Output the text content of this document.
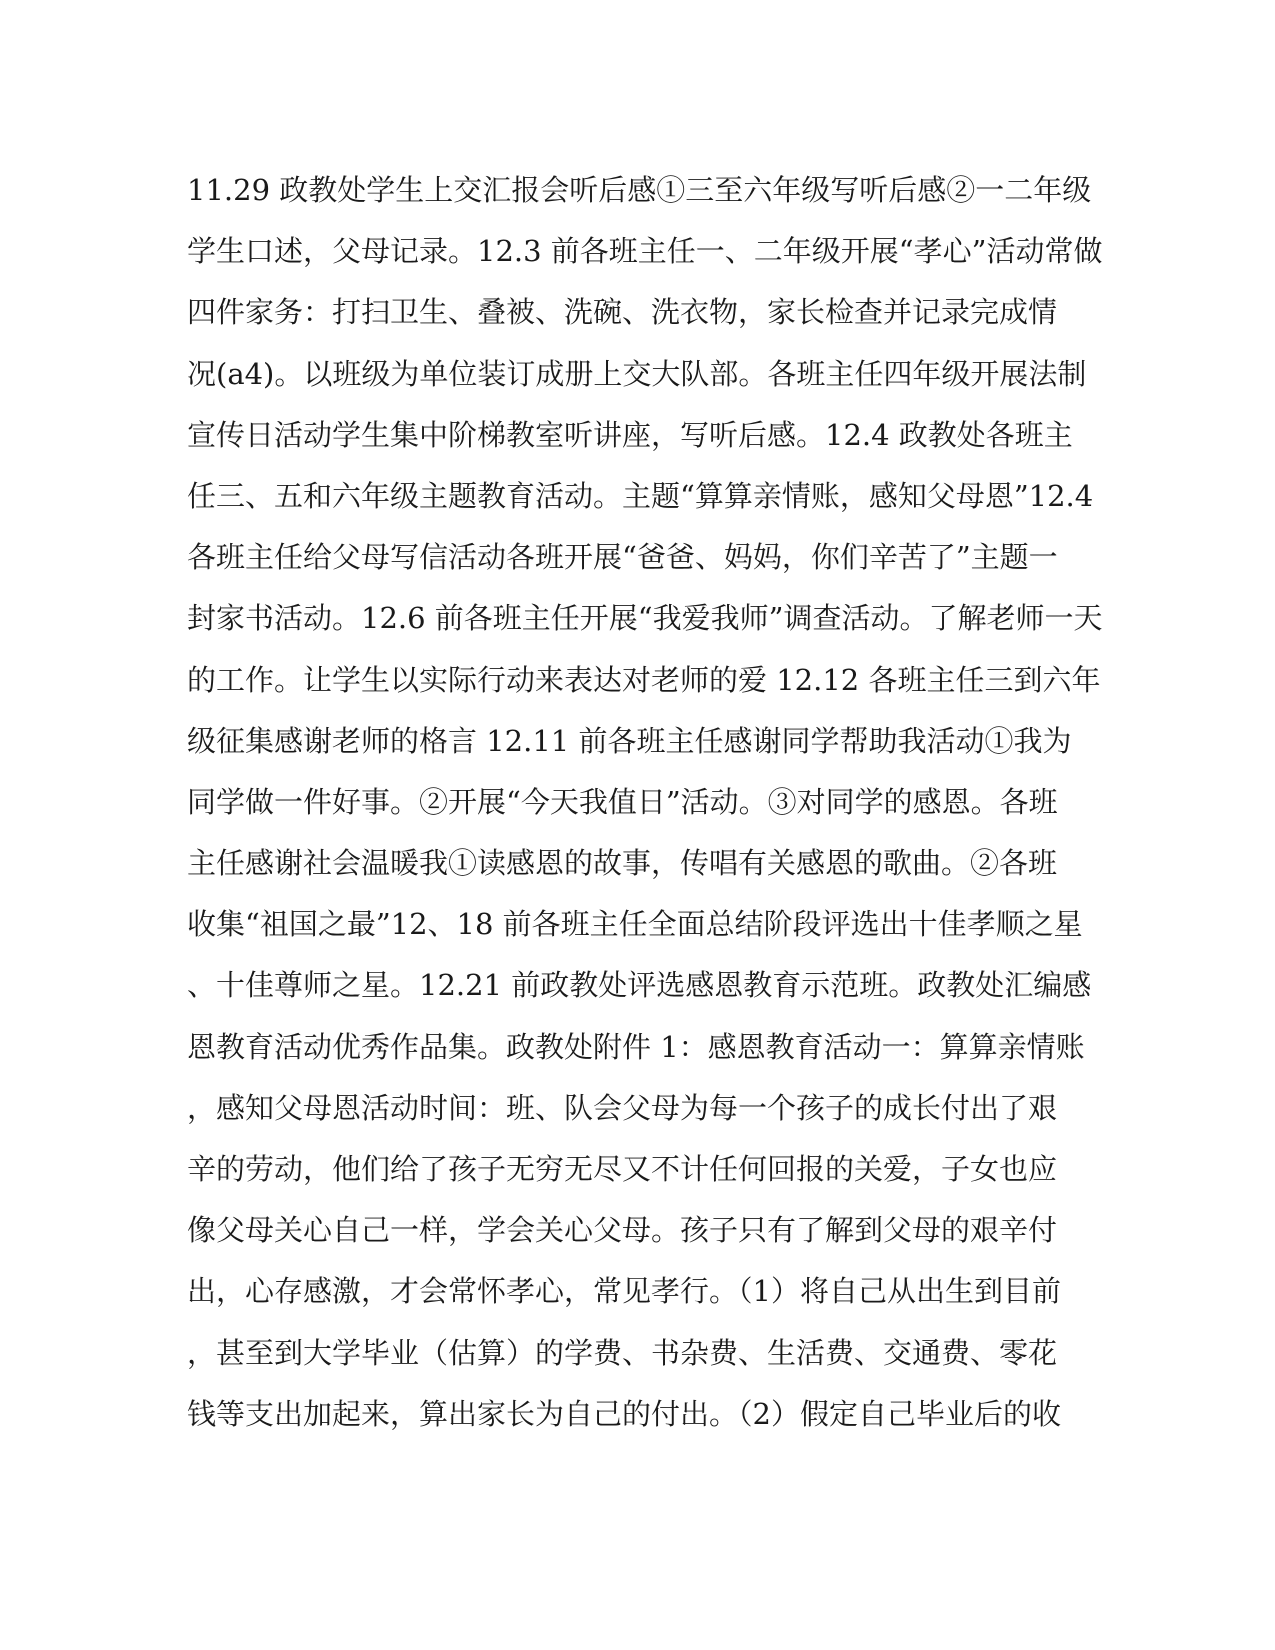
11.29 政教处学生上交汇报会听后感①三至六年级写听后感②一二年级
学生口述，父母记录。12.3 前各班主任一、二年级开展“孝心”活动常做
四件家务：打扫卫生、叠被、洗碗、洗衣物，家长检查并记录完成情
况(a4)。以班级为单位装订成册上交大队部。各班主任四年级开展法制
宣传日活动学生集中阶梯教室听讲座，写听后感。12.4 政教处各班主
任三、五和六年级主题教育活动。主题“算算亲情账，感知父母恩”12.4
各班主任给父母写信活动各班开展“爸爸、妈妈，你们辛苦了”主题一
封家书活动。12.6 前各班主任开展“我爱我师”调查活动。了解老师一天
的工作。让学生以实际行动来表达对老师的爱 12.12 各班主任三到六年
级征集感谢老师的格言 12.11 前各班主任感谢同学帮助我活动①我为
同学做一件好事。②开展“今天我值日”活动。③对同学的感恩。各班
主任感谢社会温暖我①读感恩的故事，传唱有关感恩的歌曲。②各班
收集“祖国之最”12、18 前各班主任全面总结阶段评选出十佳孝顺之星
、十佳尊师之星。12.21 前政教处评选感恩教育示范班。政教处汇编感
恩教育活动优秀作品集。政教处附件 1：感恩教育活动一：算算亲情账
，感知父母恩活动时间：班、队会父母为每一个孩子的成长付出了艰
辛的劳动，他们给了孩子无穷无尽又不计任何回报的关爱，子女也应
像父母关心自己一样，学会关心父母。孩子只有了解到父母的艰辛付
出，心存感激，才会常怀孝心，常见孝行。（1）将自己从出生到目前
，甚至到大学毕业（估算）的学费、书杂费、生活费、交通费、零花
钱等支出加起来，算出家长为自己的付出。（2）假定自己毕业后的收
